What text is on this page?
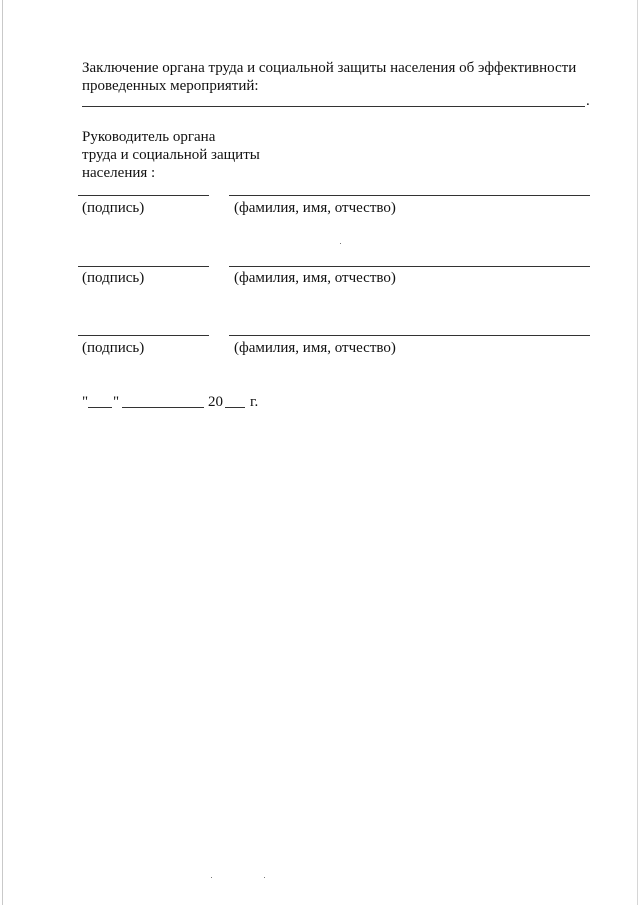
Заключение органа труда и социальной защиты населения об эффективности
проведенных мероприятий:
.
Руководитель органа
труда и социальной защиты
населения :
(подпись)	(фамилия, имя, отчество)
(подпись)	(фамилия, имя, отчество)
(подпись)	(фамилия, имя, отчество)
" "	20 г.
